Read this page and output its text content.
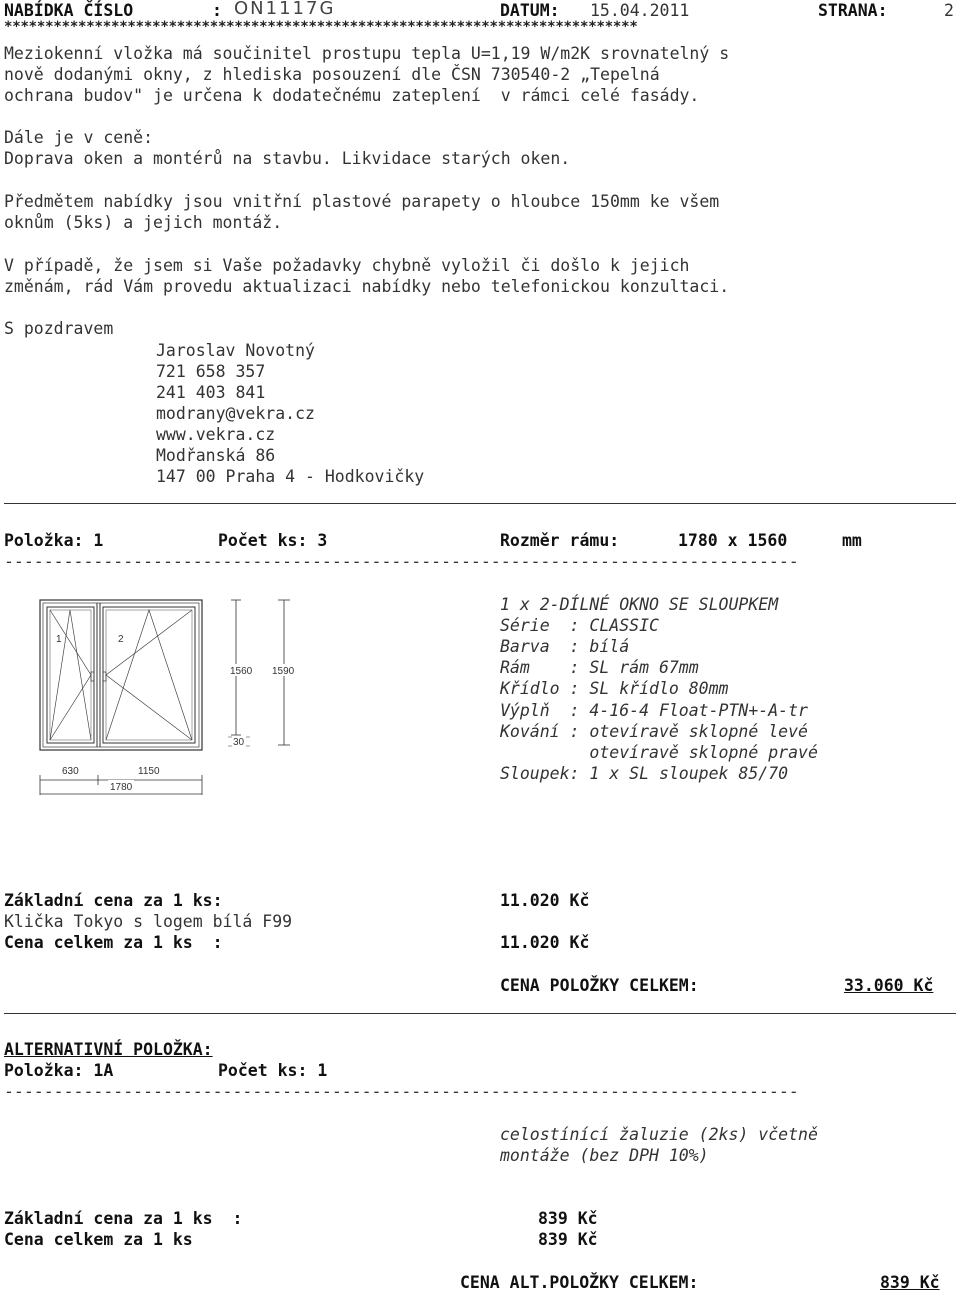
NABÍDKA ČÍSLO	: ON1117G	DATUM: 15.04.2011	STRANA:	2
*****************************************************************************
Meziokenní vložka má součinitel prostupu tepla U=1,19 W/m2K srovnatelný s
nově dodanými okny, z hlediska posouzení dle ČSN 730540-2 „Tepelná
ochrana budov" je určena k dodatečnému zateplení  v rámci celé fasády.
Dále je v ceně:
Doprava oken a montérů na stavbu. Likvidace starých oken.
Předmětem nabídky jsou vnitřní plastové parapety o hloubce 150mm ke všem
oknům (5ks) a jejich montáž.
V případě, že jsem si Vaše požadavky chybně vyložil či došlo k jejich
změnám, rád Vám provedu aktualizaci nabídky nebo telefonickou konzultaci.
S pozdravem
Jaroslav Novotný
721 658 357
241 403 841
modrany@vekra.cz
www.vekra.cz
Modřanská 86
147 00 Praha 4 - Hodkovičky
Položka: 1	Počet ks: 3	Rozměr rámu:	1780 x 1560	mm
--------------------------------------------------------------------------------
1	2
1560 1590
30
630	1150
1780
1 x 2-DÍLNÉ OKNO SE SLOUPKEM
Série  : CLASSIC
Barva  : bílá
Rám    : SL rám 67mm
Křídlo : SL křídlo 80mm
Výplň  : 4-16-4 Float-PTN+-A-tr
Kování : otevíravě sklopné levé
otevíravě sklopné pravé
Sloupek: 1 x SL sloupek 85/70
Základní cena za 1 ks:	11.020 Kč
Klička Tokyo s logem bílá F99
Cena celkem za 1 ks  :	11.020 Kč
CENA POLOŽKY CELKEM:	33.060 Kč
ALTERNATIVNÍ POLOŽKA:
Položka: 1A	Počet ks: 1
--------------------------------------------------------------------------------
celostínící žaluzie (2ks) včetně
montáže (bez DPH 10%)
Základní cena za 1 ks  :	839 Kč
Cena celkem za 1 ks	839 Kč
CENA ALT.POLOŽKY CELKEM:	839 Kč
